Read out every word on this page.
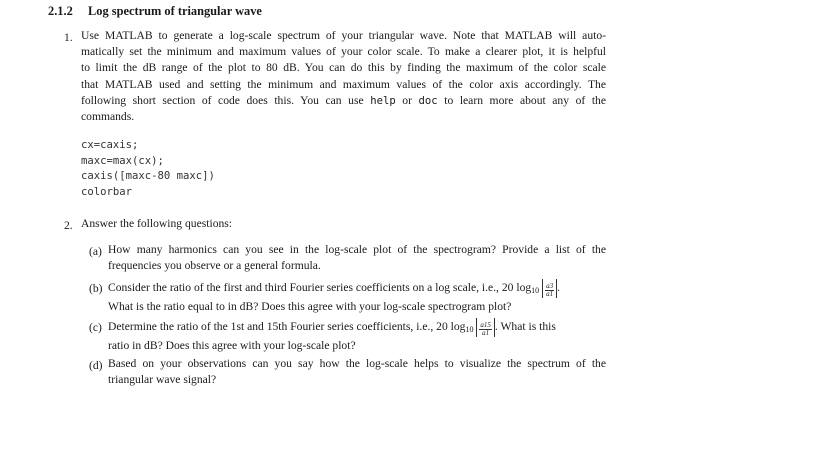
2.1.2 Log spectrum of triangular wave
1. Use MATLAB to generate a log-scale spectrum of your triangular wave. Note that MATLAB will auto-
matically set the minimum and maximum values of your color scale. To make a clearer plot, it is helpful
to limit the dB range of the plot to 80 dB. You can do this by finding the maximum of the color scale
that MATLAB used and setting the minimum and maximum values of the color axis accordingly. The
following short section of code does this. You can use help or doc to learn more about any of the
commands.
cx=caxis;
maxc=max(cx);
caxis([maxc-80 maxc])
colorbar
2. Answer the following questions:
(a) How many harmonics can you see in the log-scale plot of the spectrogram? Provide a list of the
frequencies you observe or a general formula.
(b) Consider the ratio of the first and third Fourier series coefficients on a log scale, i.e., 20 $\log_{10} \frac{a3}{a1}$ .
What is the ratio equal to in dB? Does this agree with your log-scale spectrogram plot?
(c) Determine the ratio of the 1st and 15th Fourier series coefficients, i.e., 20 $\log_{10} \frac{a15}{a1}$ . What is this
ratio in dB? Does this agree with your log-scale plot?
(d) Based on your observations can you say how the log-scale helps to visualize the spectrum of the
triangular wave signal?
